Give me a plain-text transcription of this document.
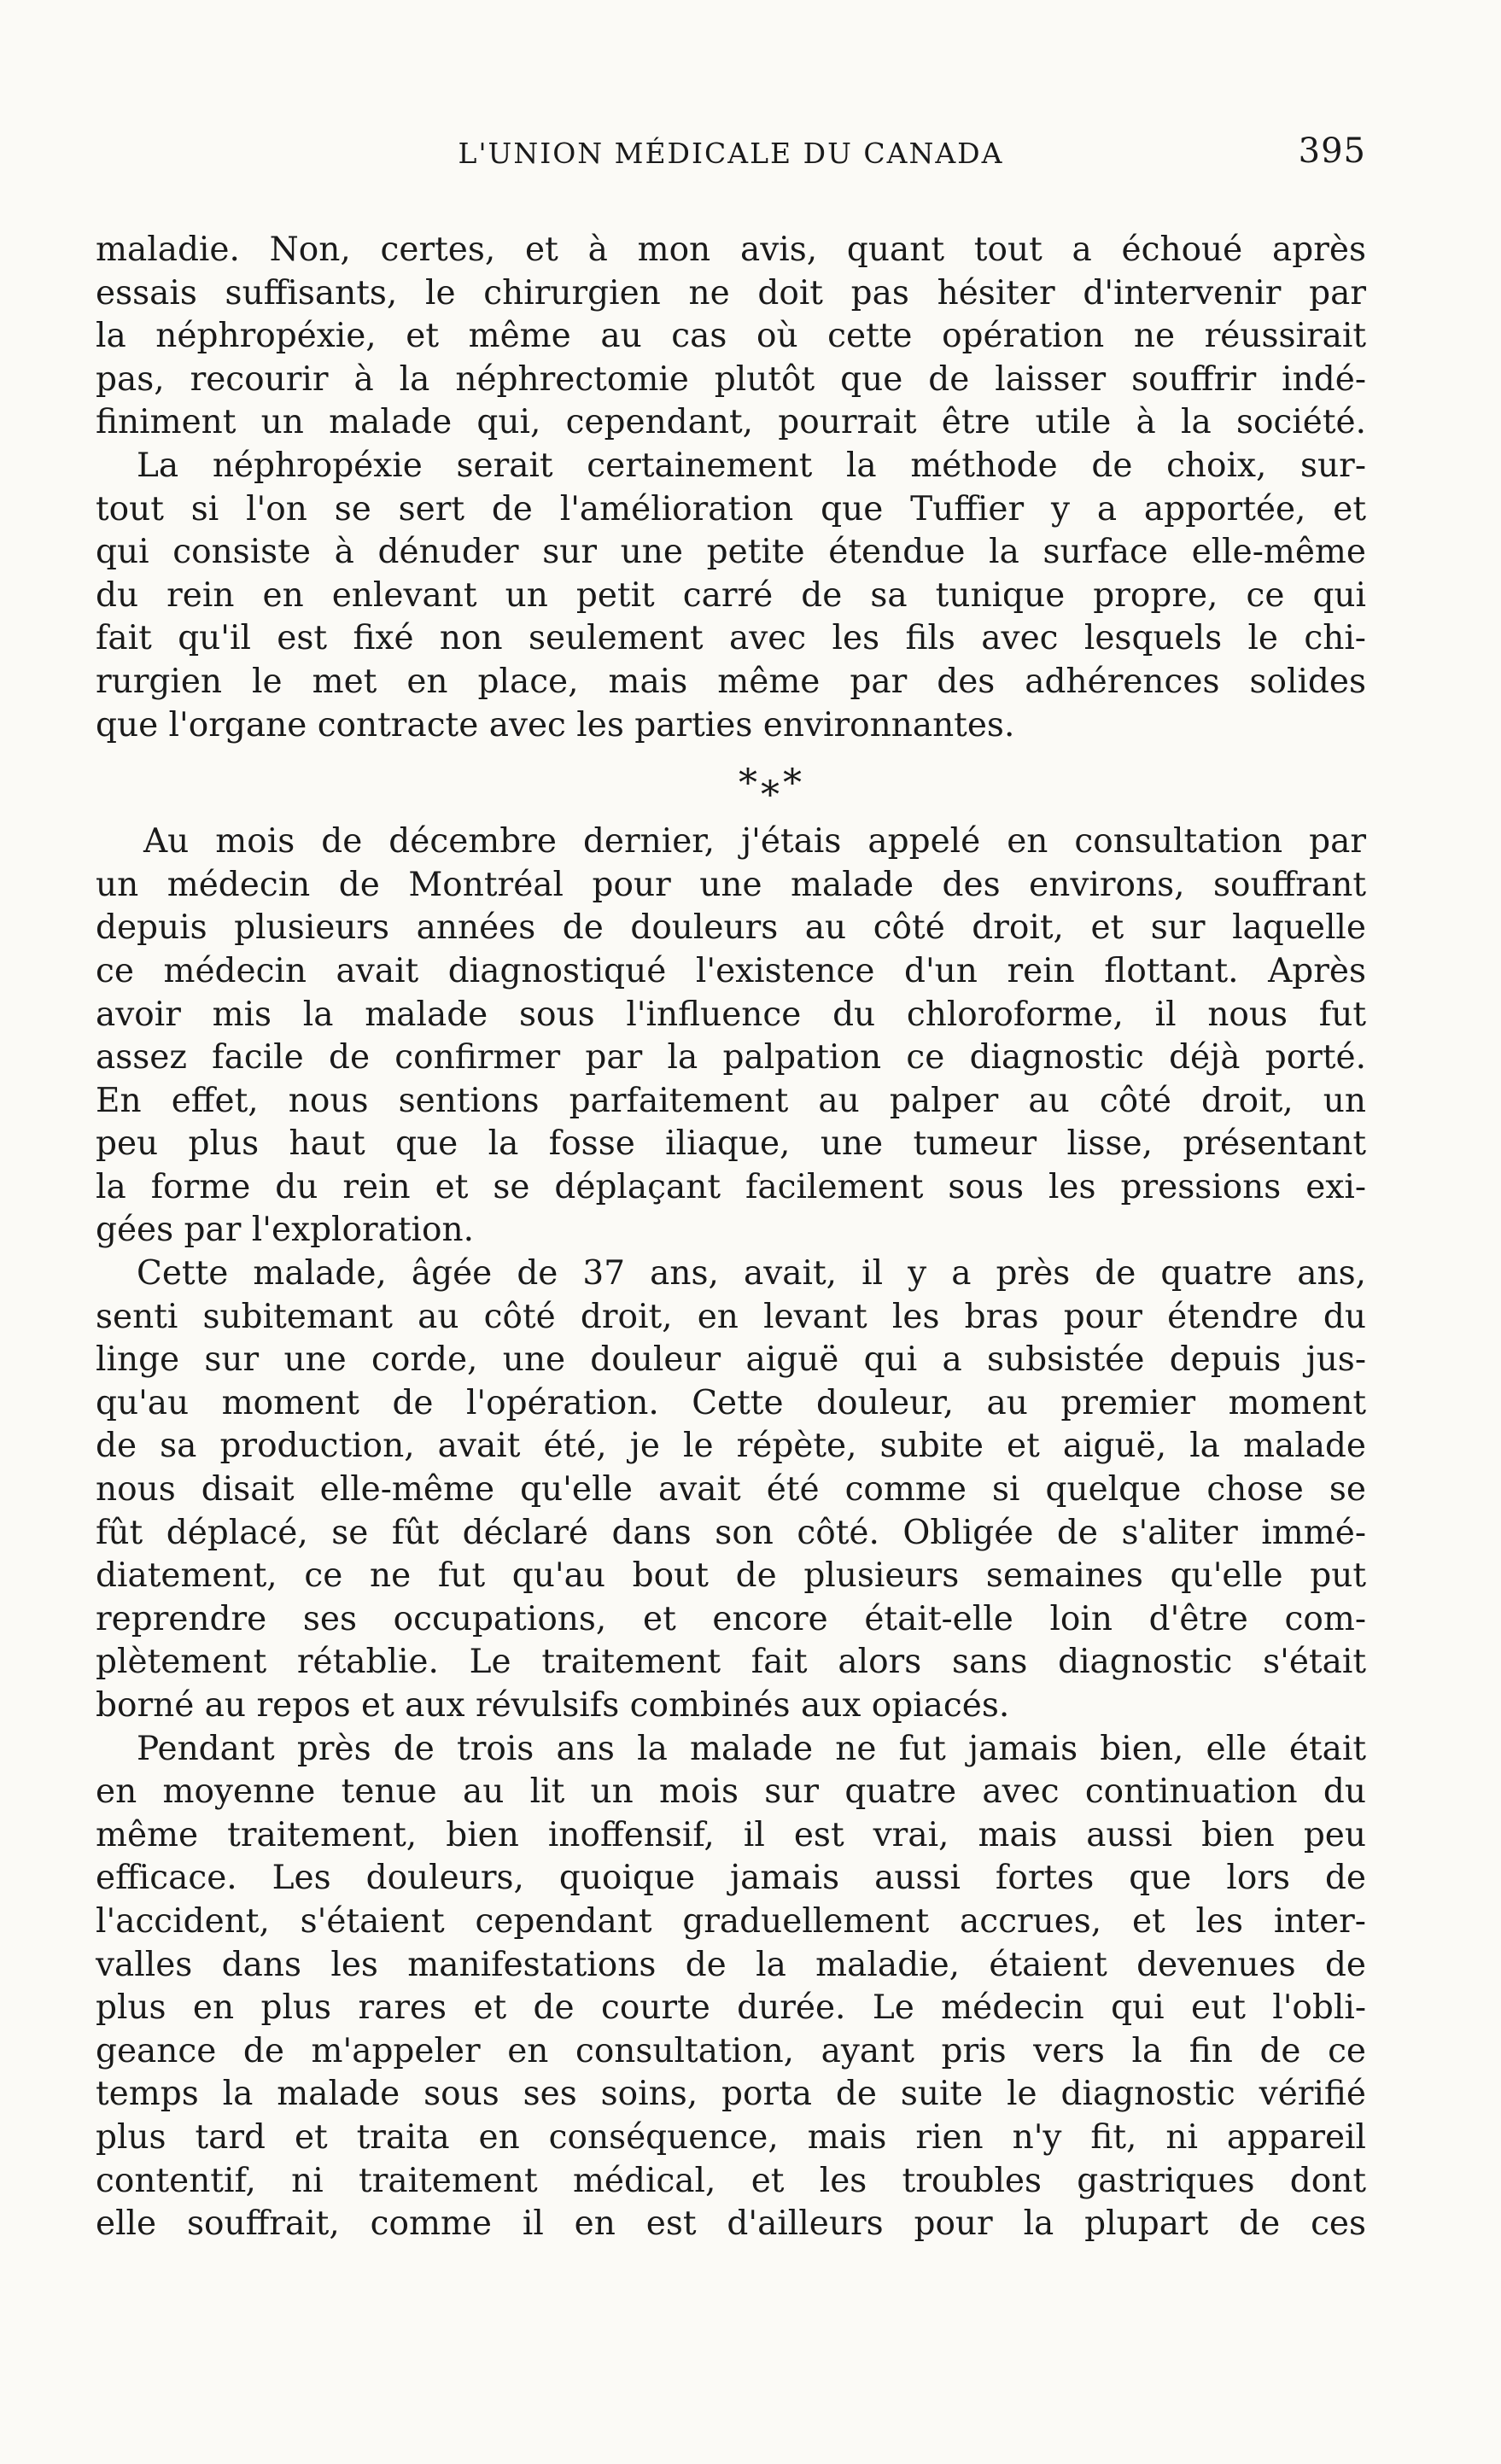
L'UNION MÉDICALE DU CANADA	395
maladie. Non, certes, et à mon avis, quant tout a échoué après
essais suffisants, le chirurgien ne doit pas hésiter d'intervenir par
la néphropéxie, et même au cas où cette opération ne réussirait
pas, recourir à la néphrectomie plutôt que de laisser souffrir indé-
finiment un malade qui, cependant, pourrait être utile à la société.
La néphropéxie serait certainement la méthode de choix, sur-
tout si l'on se sert de l'amélioration que Tuffier y a apportée, et
qui consiste à dénuder sur une petite étendue la surface elle-même
du rein en enlevant un petit carré de sa tunique propre, ce qui
fait qu'il est fixé non seulement avec les fils avec lesquels le chi-
rurgien le met en place, mais même par des adhérences solides
que l'organe contracte avec les parties environnantes.
*⁎*
Au mois de décembre dernier, j'étais appelé en consultation par
un médecin de Montréal pour une malade des environs, souffrant
depuis plusieurs années de douleurs au côté droit, et sur laquelle
ce médecin avait diagnostiqué l'existence d'un rein flottant. Après
avoir mis la malade sous l'influence du chloroforme, il nous fut
assez facile de confirmer par la palpation ce diagnostic déjà porté.
En effet, nous sentions parfaitement au palper au côté droit, un
peu plus haut que la fosse iliaque, une tumeur lisse, présentant
la forme du rein et se déplaçant facilement sous les pressions exi-
gées par l'exploration.
Cette malade, âgée de 37 ans, avait, il y a près de quatre ans,
senti subitemant au côté droit, en levant les bras pour étendre du
linge sur une corde, une douleur aiguë qui a subsistée depuis jus-
qu'au moment de l'opération. Cette douleur, au premier moment
de sa production, avait été, je le répète, subite et aiguë, la malade
nous disait elle-même qu'elle avait été comme si quelque chose se
fût déplacé, se fût déclaré dans son côté. Obligée de s'aliter immé-
diatement, ce ne fut qu'au bout de plusieurs semaines qu'elle put
reprendre ses occupations, et encore était-elle loin d'être com-
plètement rétablie. Le traitement fait alors sans diagnostic s'était
borné au repos et aux révulsifs combinés aux opiacés.
Pendant près de trois ans la malade ne fut jamais bien, elle était
en moyenne tenue au lit un mois sur quatre avec continuation du
même traitement, bien inoffensif, il est vrai, mais aussi bien peu
efficace. Les douleurs, quoique jamais aussi fortes que lors de
l'accident, s'étaient cependant graduellement accrues, et les inter-
valles dans les manifestations de la maladie, étaient devenues de
plus en plus rares et de courte durée. Le médecin qui eut l'obli-
geance de m'appeler en consultation, ayant pris vers la fin de ce
temps la malade sous ses soins, porta de suite le diagnostic vérifié
plus tard et traita en conséquence, mais rien n'y fit, ni appareil
contentif, ni traitement médical, et les troubles gastriques dont
elle souffrait, comme il en est d'ailleurs pour la plupart de ces
